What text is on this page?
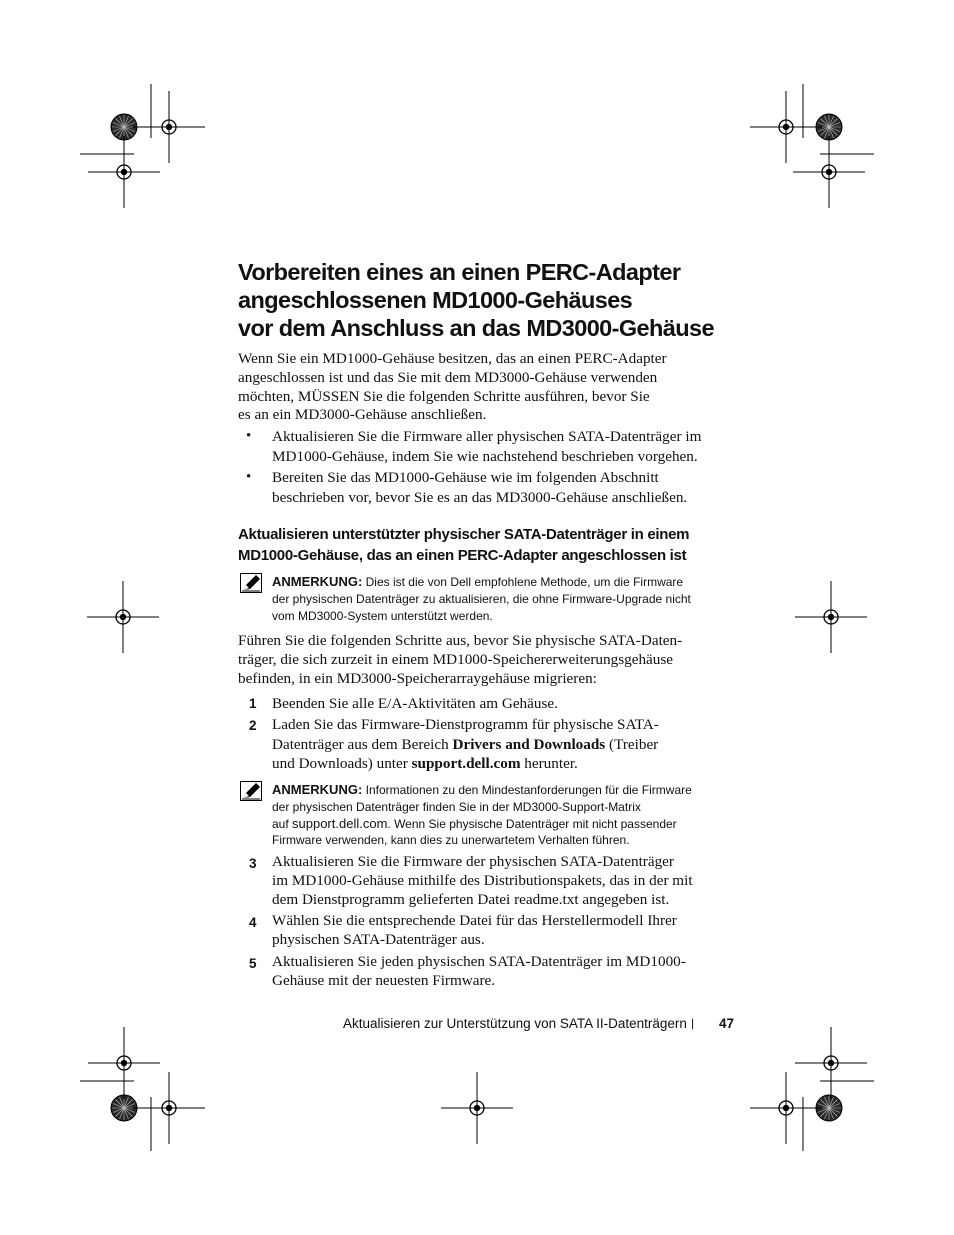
Vorbereiten eines an einen PERC-Adapter
angeschlossenen MD1000-Gehäuses
vor dem Anschluss an das MD3000-Gehäuse
Wenn Sie ein MD1000-Gehäuse besitzen, das an einen PERC-Adapter
angeschlossen ist und das Sie mit dem MD3000-Gehäuse verwenden
möchten, MÜSSEN Sie die folgenden Schritte ausführen, bevor Sie
es an ein MD3000-Gehäuse anschließen.
• Aktualisieren Sie die Firmware aller physischen SATA-Datenträger im
MD1000-Gehäuse, indem Sie wie nachstehend beschrieben vorgehen.
• Bereiten Sie das MD1000-Gehäuse wie im folgenden Abschnitt
beschrieben vor, bevor Sie es an das MD3000-Gehäuse anschließen.
Aktualisieren unterstützter physischer SATA-Datenträger in einem
MD1000-Gehäuse, das an einen PERC-Adapter angeschlossen ist
ANMERKUNG: Dies ist die von Dell empfohlene Methode, um die Firmware
der physischen Datenträger zu aktualisieren, die ohne Firmware-Upgrade nicht
vom MD3000-System unterstützt werden.
Führen Sie die folgenden Schritte aus, bevor Sie physische SATA-Daten-
träger, die sich zurzeit in einem MD1000-Speichererweiterungsgehäuse
befinden, in ein MD3000-Speicherarraygehäuse migrieren:
1 Beenden Sie alle E/A-Aktivitäten am Gehäuse.
2 Laden Sie das Firmware-Dienstprogramm für physische SATA-
Datenträger aus dem Bereich Drivers and Downloads (Treiber
und Downloads) unter support.dell.com herunter.
ANMERKUNG: Informationen zu den Mindestanforderungen für die Firmware
der physischen Datenträger finden Sie in der MD3000-Support-Matrix
auf support.dell.com. Wenn Sie physische Datenträger mit nicht passender
Firmware verwenden, kann dies zu unerwartetem Verhalten führen.
3 Aktualisieren Sie die Firmware der physischen SATA-Datenträger
im MD1000-Gehäuse mithilfe des Distributionspakets, das in der mit
dem Dienstprogramm gelieferten Datei readme.txt angegeben ist.
4 Wählen Sie die entsprechende Datei für das Herstellermodell Ihrer
physischen SATA-Datenträger aus.
5 Aktualisieren Sie jeden physischen SATA-Datenträger im MD1000-
Gehäuse mit der neuesten Firmware.
Aktualisieren zur Unterstützung von SATA II-Datenträgern | 47
